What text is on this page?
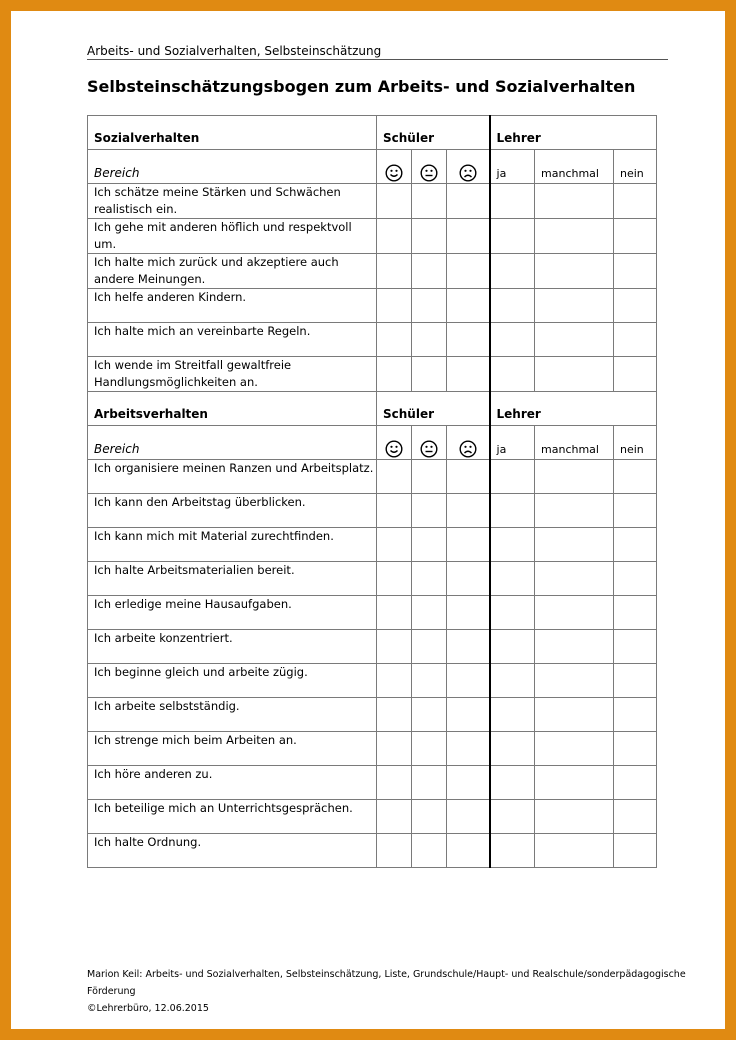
Arbeits- und Sozialverhalten, Selbsteinschätzung
Selbsteinschätzungsbogen zum Arbeits- und Sozialverhalten
Sozialverhalten	Schüler			Lehrer		
Bereich				ja	manchmal	nein
Ich schätze meine Stärken und Schwächen realistisch ein.						
Ich gehe mit anderen höflich und respektvoll um.						
Ich halte mich zurück und akzeptiere auch andere Meinungen.						
Ich helfe anderen Kindern.						
Ich halte mich an vereinbarte Regeln.						
Ich wende im Streitfall gewaltfreie Handlungsmöglichkeiten an.						
Arbeitsverhalten	Schüler			Lehrer		
Bereich				ja	manchmal	nein
Ich organisiere meinen Ranzen und Arbeitsplatz.						
Ich kann den Arbeitstag überblicken.						
Ich kann mich mit Material zurechtfinden.						
Ich halte Arbeitsmaterialien bereit.						
Ich erledige meine Hausaufgaben.						
Ich arbeite konzentriert.						
Ich beginne gleich und arbeite zügig.						
Ich arbeite selbstständig.						
Ich strenge mich beim Arbeiten an.						
Ich höre anderen zu.						
Ich beteilige mich an Unterrichtsgesprächen.						
Ich halte Ordnung.						
Marion Keil: Arbeits- und Sozialverhalten, Selbsteinschätzung, Liste, Grundschule/Haupt- und Realschule/sonderpädagogische Förderung
©Lehrerbüro, 12.06.2015
